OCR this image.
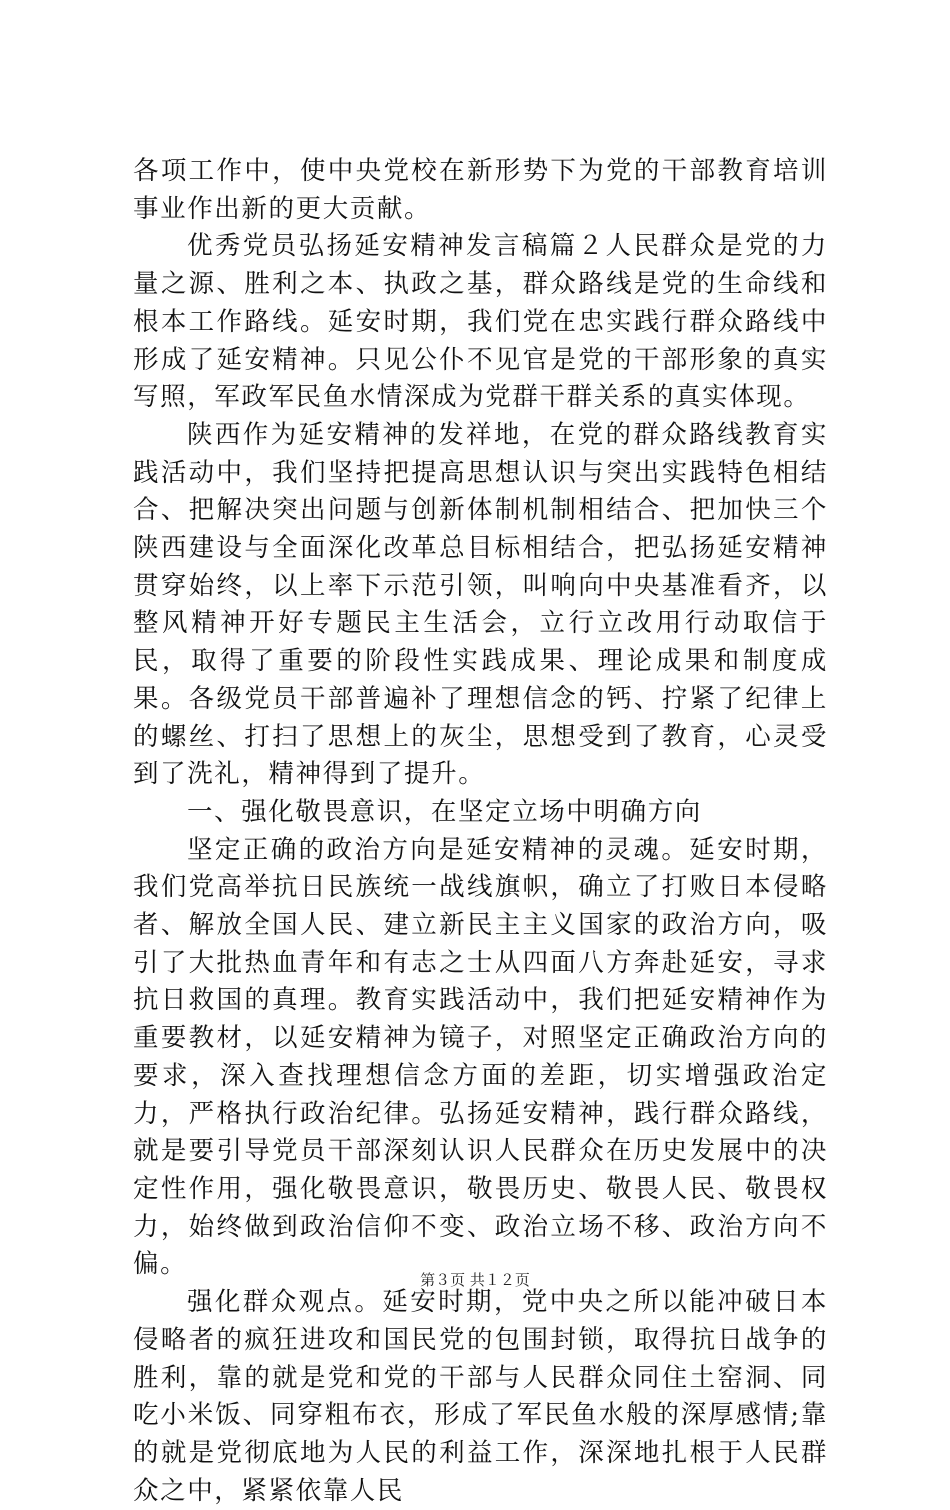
各项工作中，使中央党校在新形势下为党的干部教育培训事业作出新的更大贡献。

优秀党员弘扬延安精神发言稿篇２人民群众是党的力量之源、胜利之本、执政之基，群众路线是党的生命线和根本工作路线。延安时期，我们党在忠实践行群众路线中形成了延安精神。只见公仆不见官是党的干部形象的真实写照，军政军民鱼水情深成为党群干群关系的真实体现。

陕西作为延安精神的发祥地，在党的群众路线教育实践活动中，我们坚持把提高思想认识与突出实践特色相结合、把解决突出问题与创新体制机制相结合、把加快三个陕西建设与全面深化改革总目标相结合，把弘扬延安精神贯穿始终，以上率下示范引领，叫响向中央基准看齐，以整风精神开好专题民主生活会，立行立改用行动取信于民，取得了重要的阶段性实践成果、理论成果和制度成果。各级党员干部普遍补了理想信念的钙、拧紧了纪律上的螺丝、打扫了思想上的灰尘，思想受到了教育，心灵受到了洗礼，精神得到了提升。

一、强化敬畏意识，在坚定立场中明确方向

坚定正确的政治方向是延安精神的灵魂。延安时期，我们党高举抗日民族统一战线旗帜，确立了打败日本侵略者、解放全国人民、建立新民主主义国家的政治方向，吸引了大批热血青年和有志之士从四面八方奔赴延安，寻求抗日救国的真理。教育实践活动中，我们把延安精神作为重要教材，以延安精神为镜子，对照坚定正确政治方向的要求，深入查找理想信念方面的差距，切实增强政治定力，严格执行政治纪律。弘扬延安精神，践行群众路线，就是要引导党员干部深刻认识人民群众在历史发展中的决定性作用，强化敬畏意识，敬畏历史、敬畏人民、敬畏权力，始终做到政治信仰不变、政治立场不移、政治方向不偏。

强化群众观点。延安时期，党中央之所以能冲破日本侵略者的疯狂进攻和国民党的包围封锁，取得抗日战争的胜利，靠的就是党和党的干部与人民群众同住土窑洞、同吃小米饭、同穿粗布衣，形成了军民鱼水般的深厚感情;靠的就是党彻底地为人民的利益工作，深深地扎根于人民群众之中，紧紧依靠人民

第３页 共１２页
